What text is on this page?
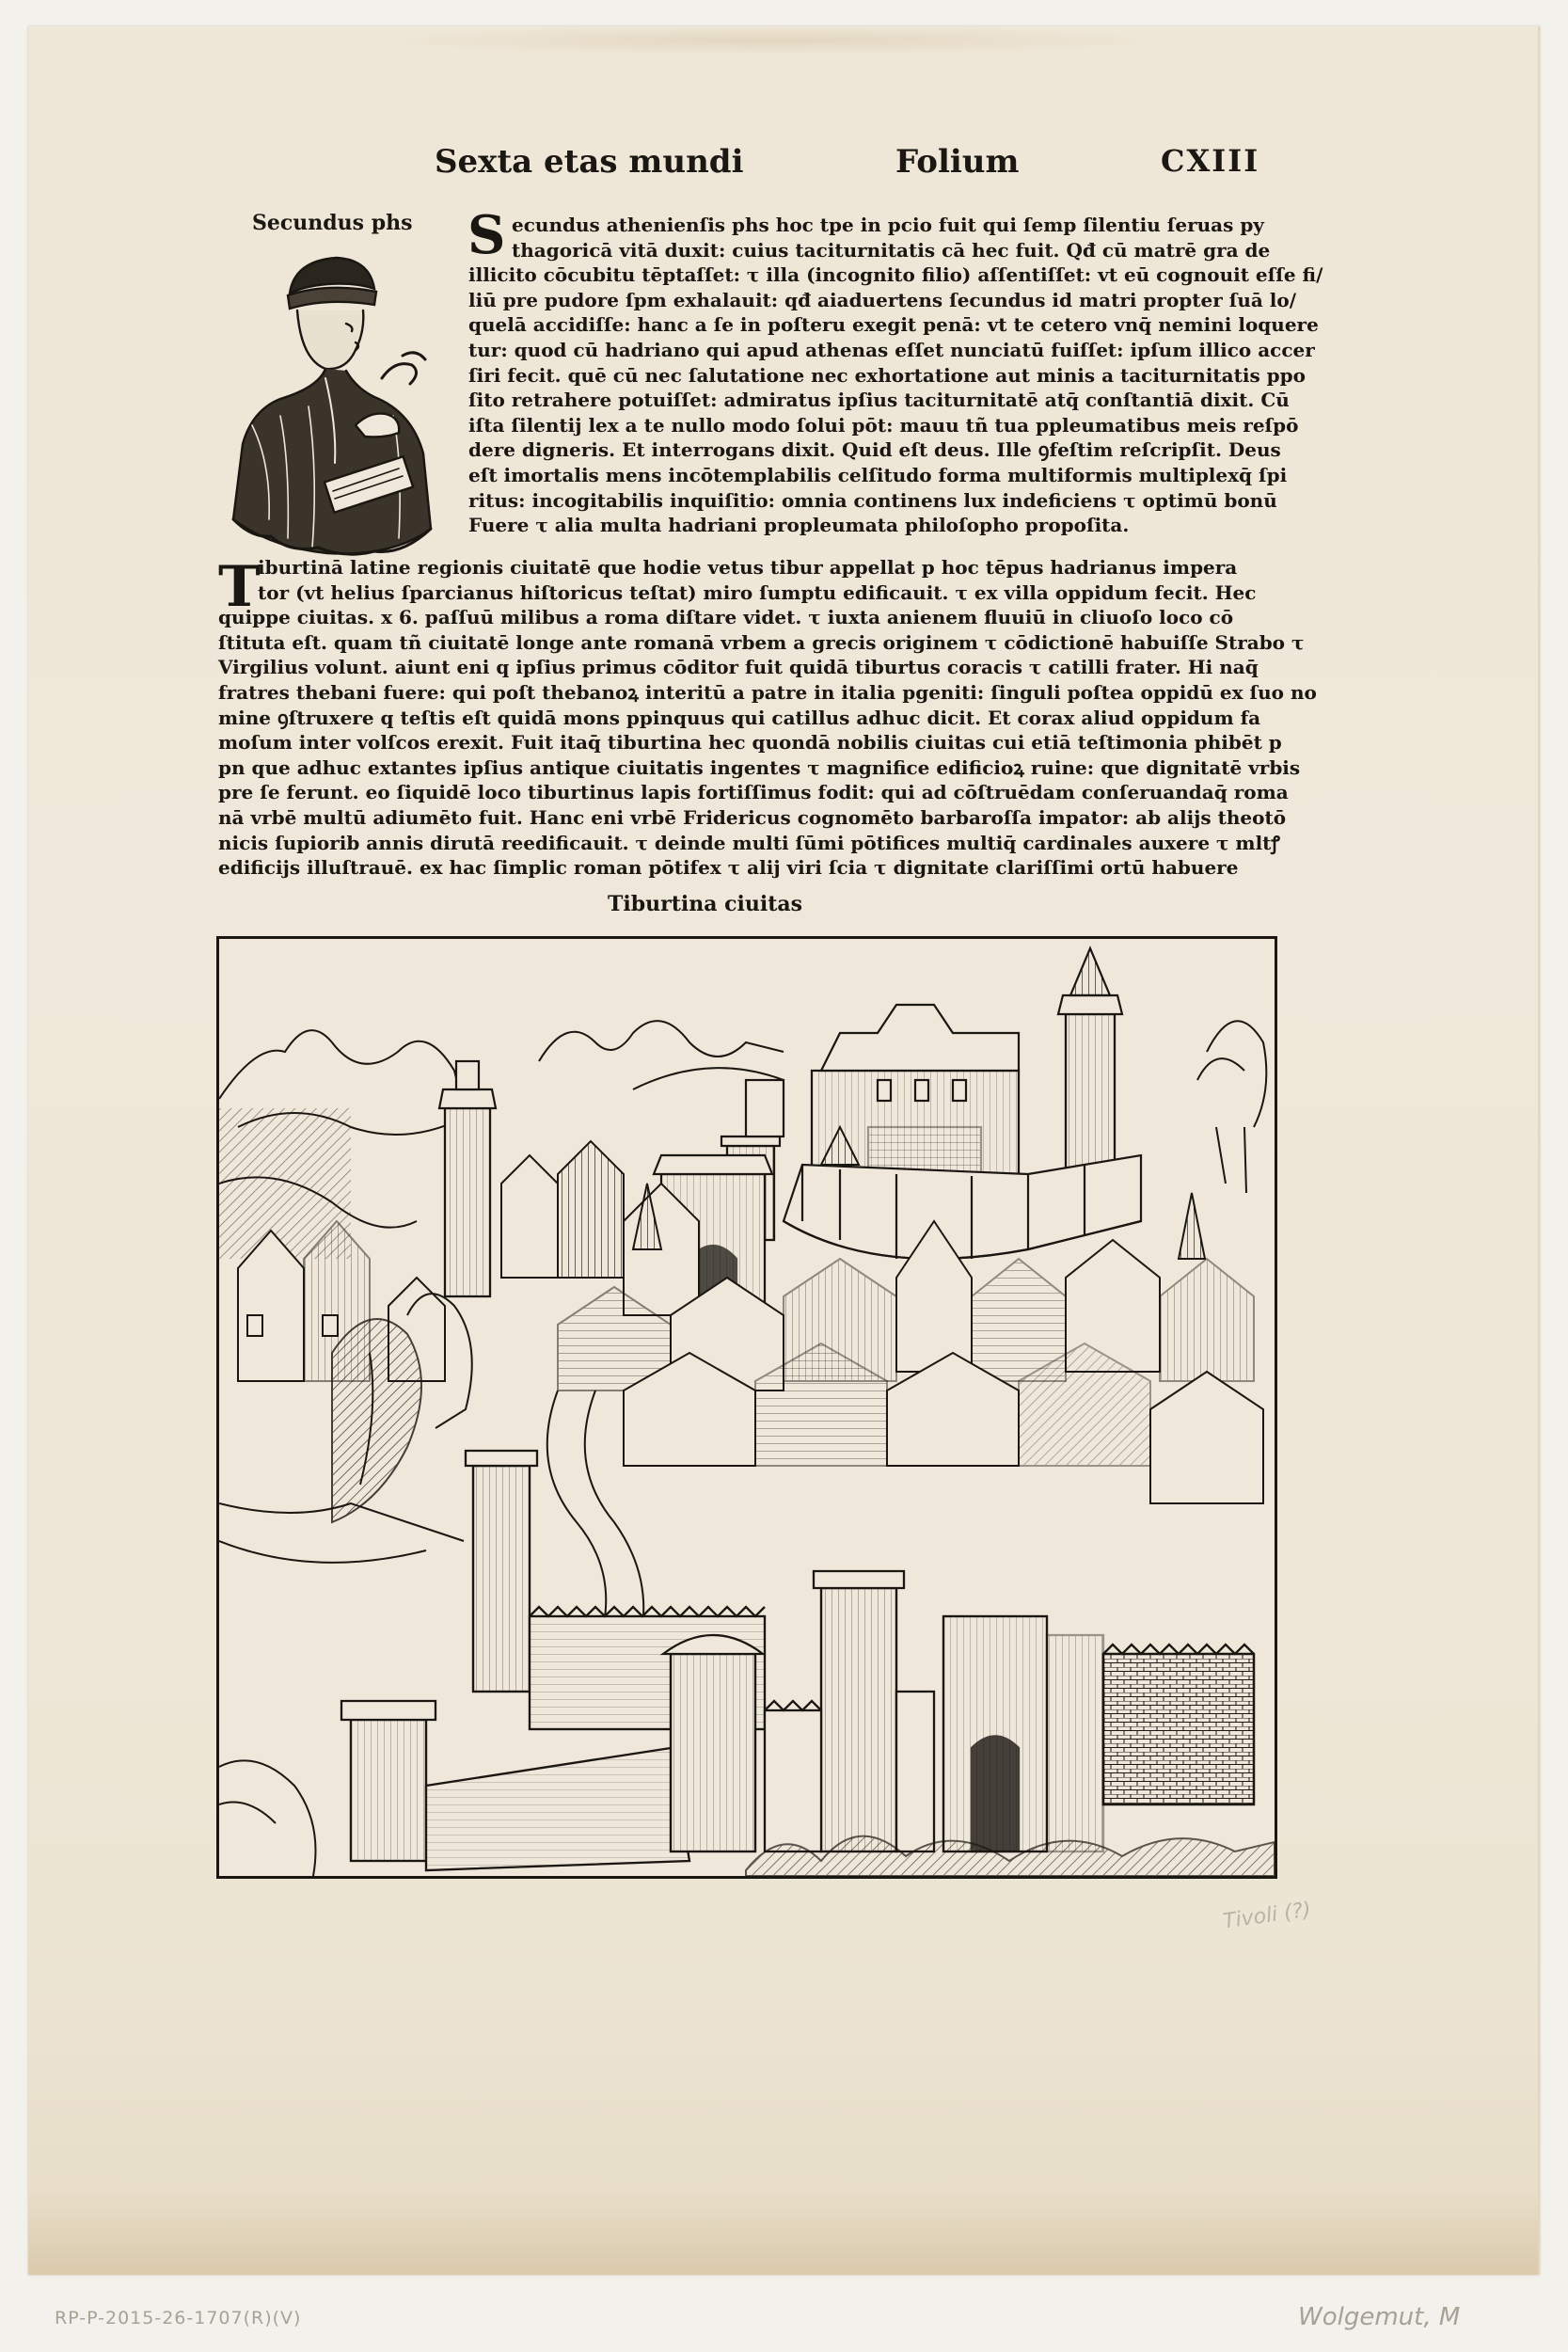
Sexta etas mundi	Folium	CXIII
Secundus phs S ecundus athenienſis phs hoc tpe in pcio fuit qui ſemp ſilentiu ſeruas py
thagoricā vitā duxit: cuius taciturnitatis cā hec fuit. Qđ cū matrē gra de
illicito cōcubitu tēptaſſet: τ illa (incognito filio) aſſentiſſet: vt eū cognouit eſſe fi/
liū pre pudore ſpm exhalauit: qđ aiaduertens ſecundus id matri propter ſuā lo/
quelā accidiſſe: hanc a ſe in poſteru exegit penā: vt te cetero vnq̄ nemini loquere
tur: quod cū hadriano qui apud athenas eſſet nunciatū fuiſſet: ipſum illico accer
ſiri fecit. quē cū nec ſalutatione nec exhortatione aut minis a taciturnitatis ppo
ſito retrahere potuiſſet: admiratus ipſius taciturnitatē atq̄ conſtantiā dixit. Cū
iſta ſilentij lex a te nullo modo ſolui pōt: mauu tñ tua ppleumatibus meis reſpō
dere digneris. Et interrogans dixit. Quid eſt deus. Ille ꝯfeſtim reſcripſit. Deus
eſt imortalis mens incōtemplabilis celſitudo forma multiformis multiplexq̄ ſpi
ritus: incogitabilis inquiſitio: omnia continens lux indeficiens τ optimū bonū
Fuere τ alia multa hadriani propleumata philoſopho propoſita.
T
iburtinā latine regionis ciuitatē que hodie vetus tibur appellat p hoc tēpus hadrianus impera
tor (vt helius ſparcianus hiſtoricus teſtat) miro ſumptu edificauit. τ ex villa oppidum fecit. Hec
quippe ciuitas. x 6. paſſuū milibus a roma diſtare videt. τ iuxta anienem fluuiū in cliuoſo loco cō
ſtituta eſt. quam tñ ciuitatē longe ante romanā vrbem a grecis originem τ cōdictionē habuiſſe Strabo τ
Virgilius volunt. aiunt eni q ipſius primus cōditor fuit quidā tiburtus coracis τ catilli frater. Hi naq̄
fratres thebani fuere: qui poſt thebanoꝝ interitū a patre in italia pgeniti: ſinguli poſtea oppidū ex ſuo no
mine ꝯſtruxere q teſtis eſt quidā mons ppinquus qui catillus adhuc dicit. Et corax aliud oppidum fa
moſum inter volſcos erexit. Fuit itaq̄ tiburtina hec quondā nobilis ciuitas cui etiā teſtimonia phibēt p
pn que adhuc extantes ipſius antique ciuitatis ingentes τ magnifice edificioꝝ ruine: que dignitatē vrbis
pre ſe ferunt. eo ſiquidē loco tiburtinus lapis fortiſſimus fodit: qui ad cōſtruēdam conſeruandaq̄ roma
nā vrbē multū adiumēto fuit. Hanc eni vrbē Fridericus cognomēto barbaroſſa impator: ab alijs theotō
nicis ſupiorib annis dirutā reedificauit. τ deinde multi ſūmi pōtifices multiq̄ cardinales auxere τ mltꝭ
edificijs illuſtrauē. ex hac ſimplic roman pōtifex τ alij viri ſcia τ dignitate clariſſimi ortū habuere
Tiburtina ciuitas
Tivoli (?)
RP-P-2015-26-1707(R)(V)	Wolgemut, M
